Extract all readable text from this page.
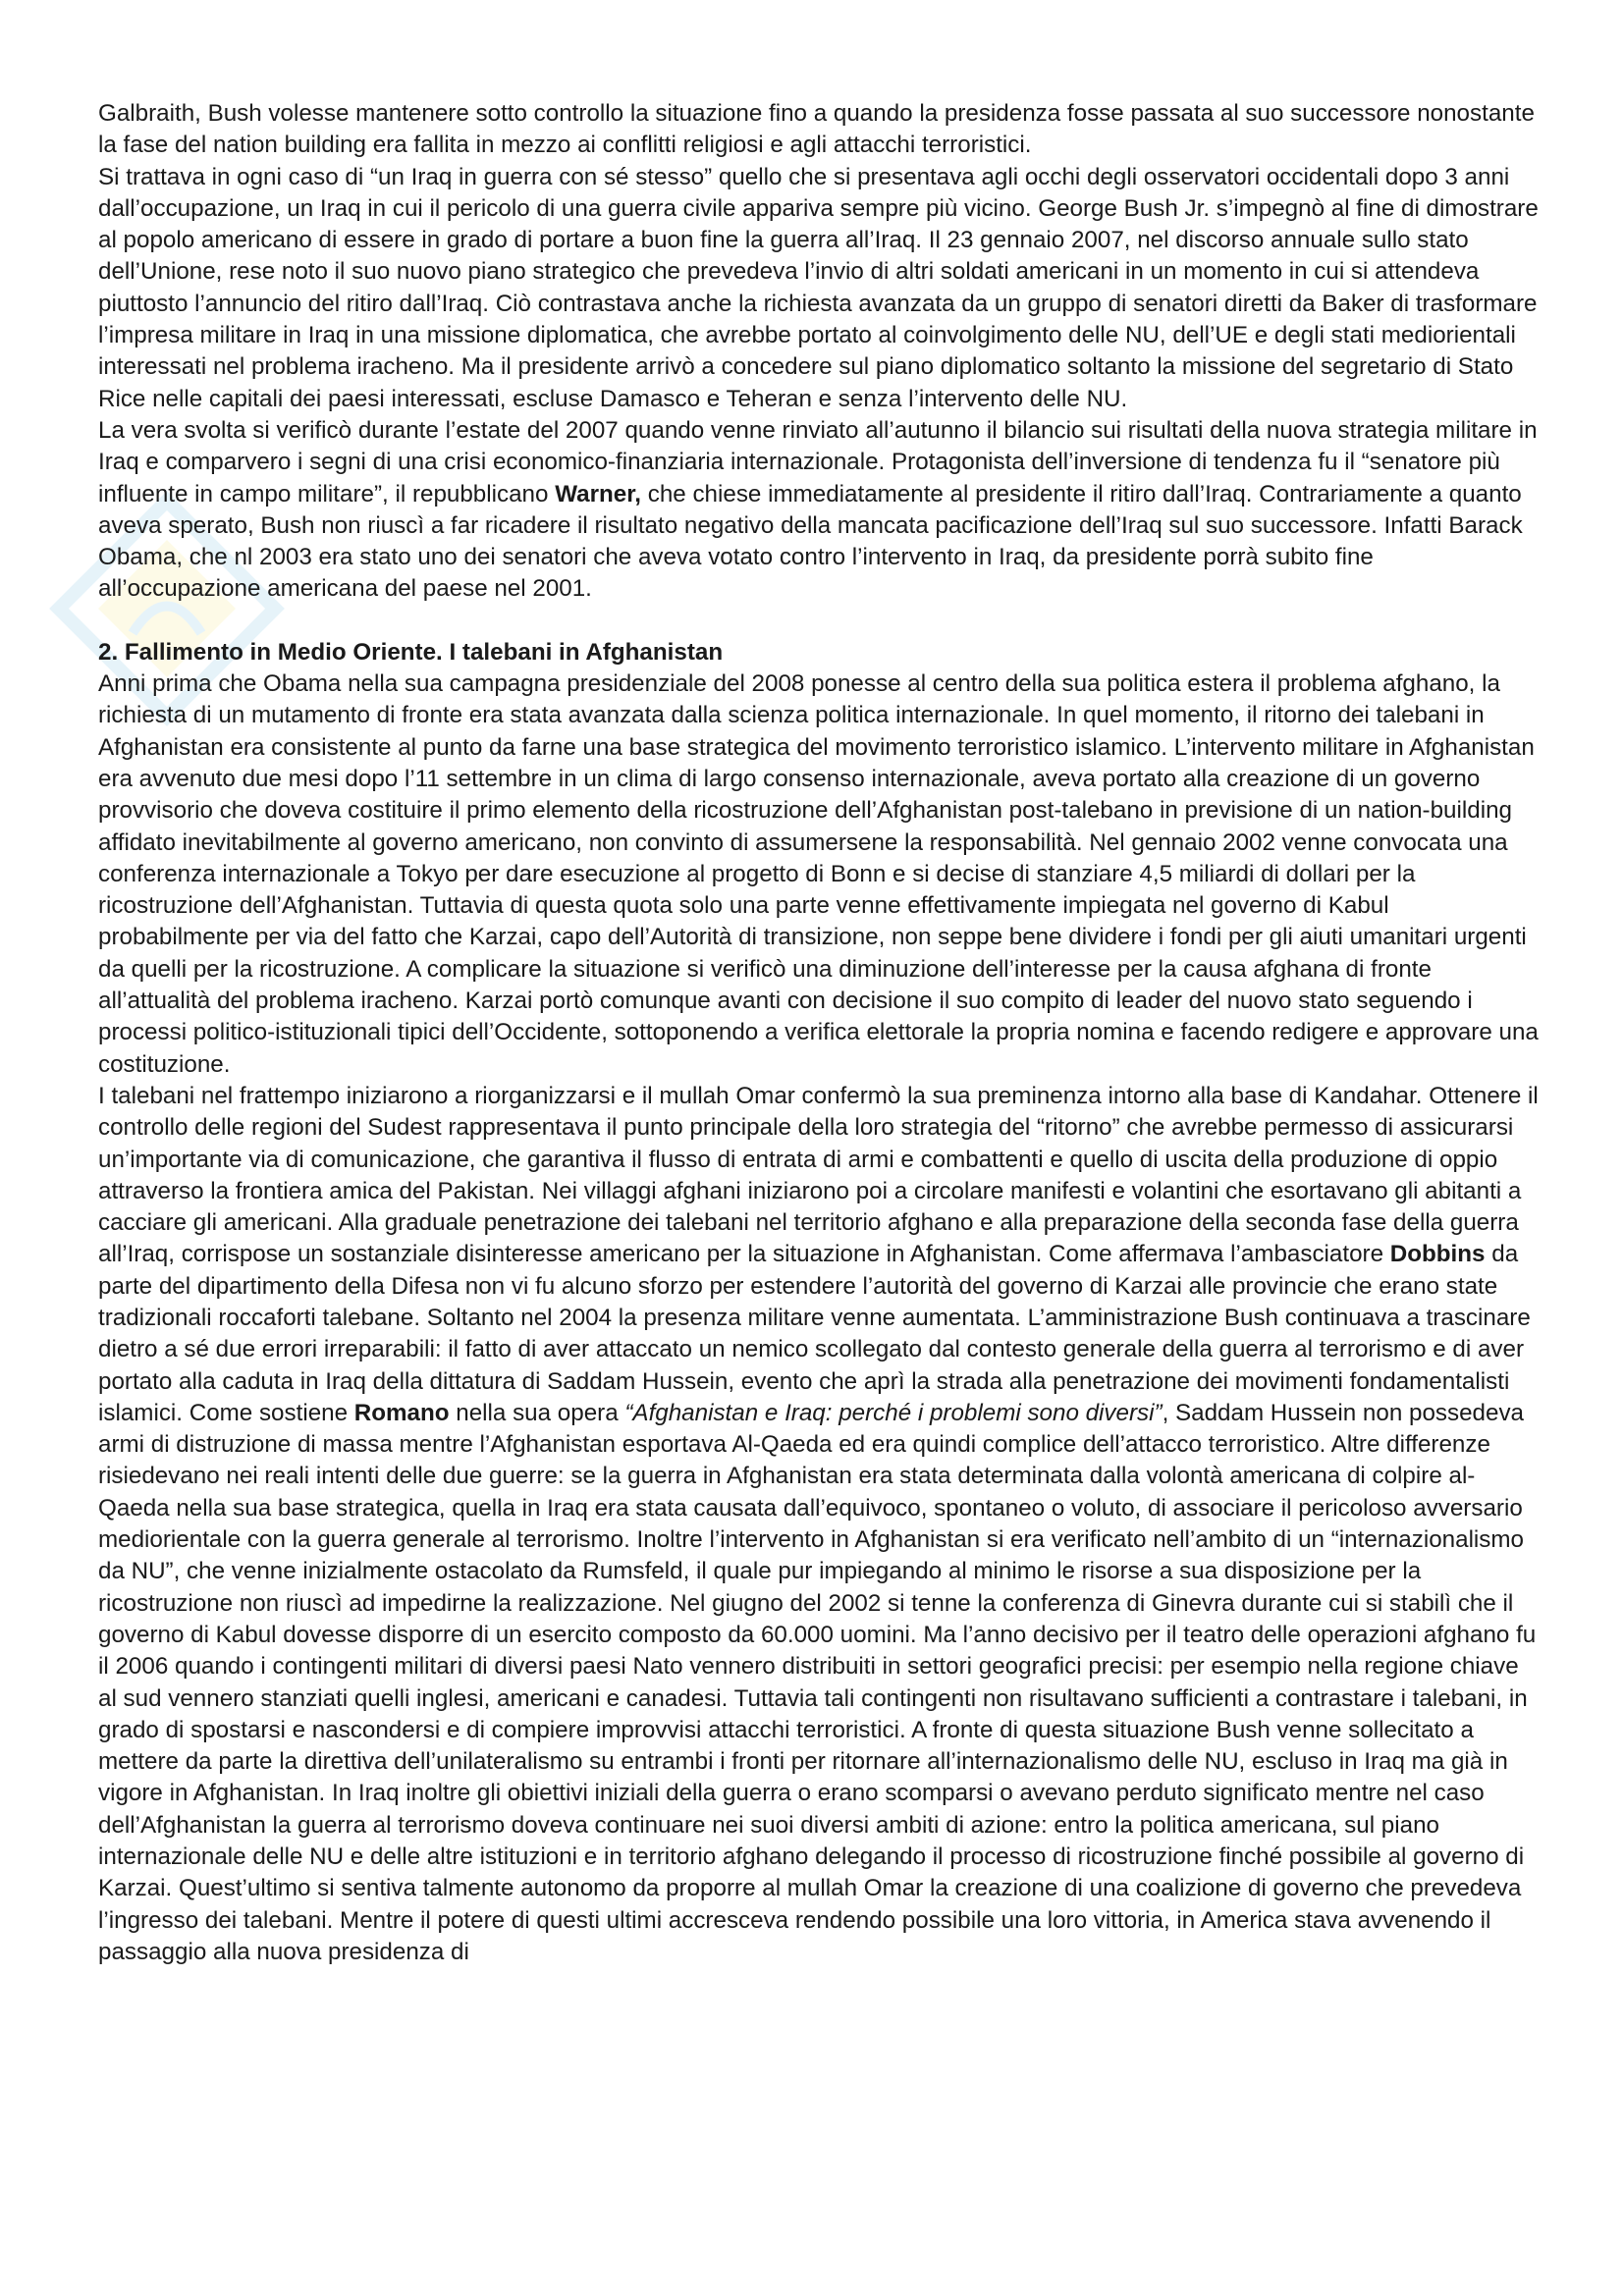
Galbraith, Bush volesse mantenere sotto controllo la situazione fino a quando la presidenza fosse passata al suo successore nonostante la fase del nation building era fallita in mezzo ai conflitti religiosi e agli attacchi terroristici.

Si trattava in ogni caso di “un Iraq in guerra con sé stesso” quello che si presentava agli occhi degli osservatori occidentali dopo 3 anni dall’occupazione, un Iraq in cui il pericolo di una guerra civile appariva sempre più vicino. George Bush Jr. s’impegnò al fine di dimostrare al popolo americano di essere in grado di portare a buon fine la guerra all’Iraq. Il 23 gennaio 2007, nel discorso annuale sullo stato dell’Unione, rese noto il suo nuovo piano strategico che prevedeva l’invio di altri soldati americani in un momento in cui si attendeva piuttosto l’annuncio del ritiro dall’Iraq. Ciò contrastava anche la richiesta avanzata da un gruppo di senatori diretti da Baker di trasformare l’impresa militare in Iraq in una missione diplomatica, che avrebbe portato al coinvolgimento delle NU, dell’UE e degli stati mediorientali interessati nel problema iracheno. Ma il presidente arrivò a concedere sul piano diplomatico soltanto la missione del segretario di Stato Rice nelle capitali dei paesi interessati, escluse Damasco e Teheran e senza l’intervento delle NU.

La vera svolta si verificò durante l’estate del 2007 quando venne rinviato all’autunno il bilancio sui risultati della nuova strategia militare in Iraq e comparvero i segni di una crisi economico-finanziaria internazionale. Protagonista dell’inversione di tendenza fu il “senatore più influente in campo militare”, il repubblicano Warner, che chiese immediatamente al presidente il ritiro dall’Iraq. Contrariamente a quanto aveva sperato, Bush non riuscì a far ricadere il risultato negativo della mancata pacificazione dell’Iraq sul suo successore. Infatti Barack Obama, che nl 2003 era stato uno dei senatori che aveva votato contro l’intervento in Iraq, da presidente porrà subito fine all’occupazione americana del paese nel 2001.

2. Fallimento in Medio Oriente. I talebani in Afghanistan

Anni prima che Obama nella sua campagna presidenziale del 2008 ponesse al centro della sua politica estera il problema afghano, la richiesta di un mutamento di fronte era stata avanzata dalla scienza politica internazionale. In quel momento, il ritorno dei talebani in Afghanistan era consistente al punto da farne una base strategica del movimento terroristico islamico. L’intervento militare in Afghanistan era avvenuto due mesi dopo l’11 settembre in un clima di largo consenso internazionale, aveva portato alla creazione di un governo provvisorio che doveva costituire il primo elemento della ricostruzione dell’Afghanistan post-talebano in previsione di un nation-building affidato inevitabilmente al governo americano, non convinto di assumersene la responsabilità. Nel gennaio 2002 venne convocata una conferenza internazionale a Tokyo per dare esecuzione al progetto di Bonn e si decise di stanziare 4,5 miliardi di dollari per la ricostruzione dell’Afghanistan. Tuttavia di questa quota solo una parte venne effettivamente impiegata nel governo di Kabul probabilmente per via del fatto che Karzai, capo dell’Autorità di transizione, non seppe bene dividere i fondi per gli aiuti umanitari urgenti da quelli per la ricostruzione. A complicare la situazione si verificò una diminuzione dell’interesse per la causa afghana di fronte all’attualità del problema iracheno. Karzai portò comunque avanti con decisione il suo compito di leader del nuovo stato seguendo i processi politico-istituzionali tipici dell’Occidente, sottoponendo a verifica elettorale la propria nomina e facendo redigere e approvare una costituzione.

I talebani nel frattempo iniziarono a riorganizzarsi e il mullah Omar confermò la sua preminenza intorno alla base di Kandahar. Ottenere il controllo delle regioni del Sudest rappresentava il punto principale della loro strategia del “ritorno” che avrebbe permesso di assicurarsi un’importante via di comunicazione, che garantiva il flusso di entrata di armi e combattenti e quello di uscita della produzione di oppio attraverso la frontiera amica del Pakistan. Nei villaggi afghani iniziarono poi a circolare manifesti e volantini che esortavano gli abitanti a cacciare gli americani. Alla graduale penetrazione dei talebani nel territorio afghano e alla preparazione della seconda fase della guerra all’Iraq, corrispose un sostanziale disinteresse americano per la situazione in Afghanistan. Come affermava l’ambasciatore Dobbins da parte del dipartimento della Difesa non vi fu alcuno sforzo per estendere l’autorità del governo di Karzai alle provincie che erano state tradizionali roccaforti talebane. Soltanto nel 2004 la presenza militare venne aumentata. L’amministrazione Bush continuava a trascinare dietro a sé due errori irreparabili: il fatto di aver attaccato un nemico scollegato dal contesto generale della guerra al terrorismo e di aver portato alla caduta in Iraq della dittatura di Saddam Hussein, evento che aprì la strada alla penetrazione dei movimenti fondamentalisti islamici. Come sostiene Romano nella sua opera “Afghanistan e Iraq: perché i problemi sono diversi”, Saddam Hussein non possedeva armi di distruzione di massa mentre l’Afghanistan esportava Al-Qaeda ed era quindi complice dell’attacco terroristico. Altre differenze risiedevano nei reali intenti delle due guerre: se la guerra in Afghanistan era stata determinata dalla volontà americana di colpire al-Qaeda nella sua base strategica, quella in Iraq era stata causata dall’equivoco, spontaneo o voluto, di associare il pericoloso avversario mediorientale con la guerra generale al terrorismo. Inoltre l’intervento in Afghanistan si era verificato nell’ambito di un “internazionalismo da NU”, che venne inizialmente ostacolato da Rumsfeld, il quale pur impiegando al minimo le risorse a sua disposizione per la ricostruzione non riuscì ad impedirne la realizzazione. Nel giugno del 2002 si tenne la conferenza di Ginevra durante cui si stabilì che il governo di Kabul dovesse disporre di un esercito composto da 60.000 uomini. Ma l’anno decisivo per il teatro delle operazioni afghano fu il 2006 quando i contingenti militari di diversi paesi Nato vennero distribuiti in settori geografici precisi: per esempio nella regione chiave al sud vennero stanziati quelli inglesi, americani e canadesi. Tuttavia tali contingenti non risultavano sufficienti a contrastare i talebani, in grado di spostarsi e nascondersi e di compiere improvvisi attacchi terroristici. A fronte di questa situazione Bush venne sollecitato a mettere da parte la direttiva dell’unilateralismo su entrambi i fronti per ritornare all’internazionalismo delle NU, escluso in Iraq ma già in vigore in Afghanistan. In Iraq inoltre gli obiettivi iniziali della guerra o erano scomparsi o avevano perduto significato mentre nel caso dell’Afghanistan la guerra al terrorismo doveva continuare nei suoi diversi ambiti di azione: entro la politica americana, sul piano internazionale delle NU e delle altre istituzioni e in territorio afghano delegando il processo di ricostruzione finché possibile al governo di Karzai. Quest’ultimo si sentiva talmente autonomo da proporre al mullah Omar la creazione di una coalizione di governo che prevedeva l’ingresso dei talebani. Mentre il potere di questi ultimi accresceva rendendo possibile una loro vittoria, in America stava avvenendo il passaggio alla nuova presidenza di
